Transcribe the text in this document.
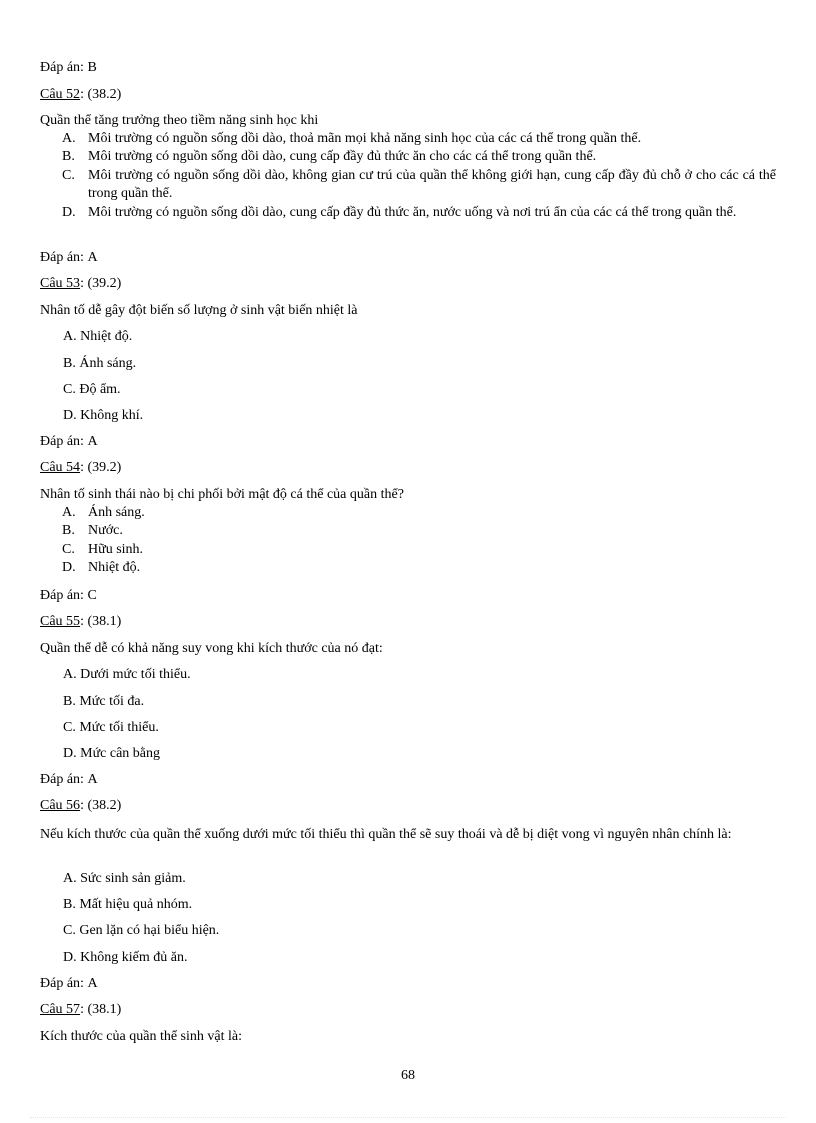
Đáp án: B
Câu 52: (38.2)
Quần thể tăng trưởng theo tiềm năng sinh học khi
A. Môi trường có nguồn sống dồi dào, thoả mãn mọi khả năng sinh học của các cá thể trong quần thể.
B. Môi trường có nguồn sống dồi dào, cung cấp đầy đủ thức ăn cho các cá thể trong quần thể.
C. Môi trường có nguồn sống dồi dào, không gian cư trú của quần thể không giới hạn, cung cấp đầy đủ chỗ ở cho các cá thể trong quần thể.
D. Môi trường có nguồn sống dồi dào, cung cấp đầy đủ thức ăn, nước uống và nơi trú ẩn của các cá thể trong quần thể.
Đáp án: A
Câu 53: (39.2)
Nhân tố dễ gây đột biến số lượng ở sinh vật biến nhiệt là
A. Nhiệt độ.
B. Ánh sáng.
C. Độ ẩm.
D. Không khí.
Đáp án: A
Câu 54: (39.2)
Nhân tố sinh thái nào bị chi phối bởi mật độ cá thể của quần thể?
A. Ánh sáng.
B. Nước.
C. Hữu sinh.
D. Nhiệt độ.
Đáp án: C
Câu 55: (38.1)
Quần thể dễ có khả năng suy vong khi kích thước của nó đạt:
A. Dưới mức tối thiểu.
B. Mức tối đa.
C. Mức tối thiểu.
D. Mức cân bằng
Đáp án: A
Câu 56: (38.2)
Nếu kích thước của quần thể xuống dưới mức tối thiểu thì quần thể sẽ suy thoái và dễ bị diệt vong vì nguyên nhân chính là:
A. Sức sinh sản giảm.
B. Mất hiệu quả nhóm.
C. Gen lặn có hại biểu hiện.
D. Không kiếm đủ ăn.
Đáp án: A
Câu 57: (38.1)
Kích thước của quần thể sinh vật là:
68
